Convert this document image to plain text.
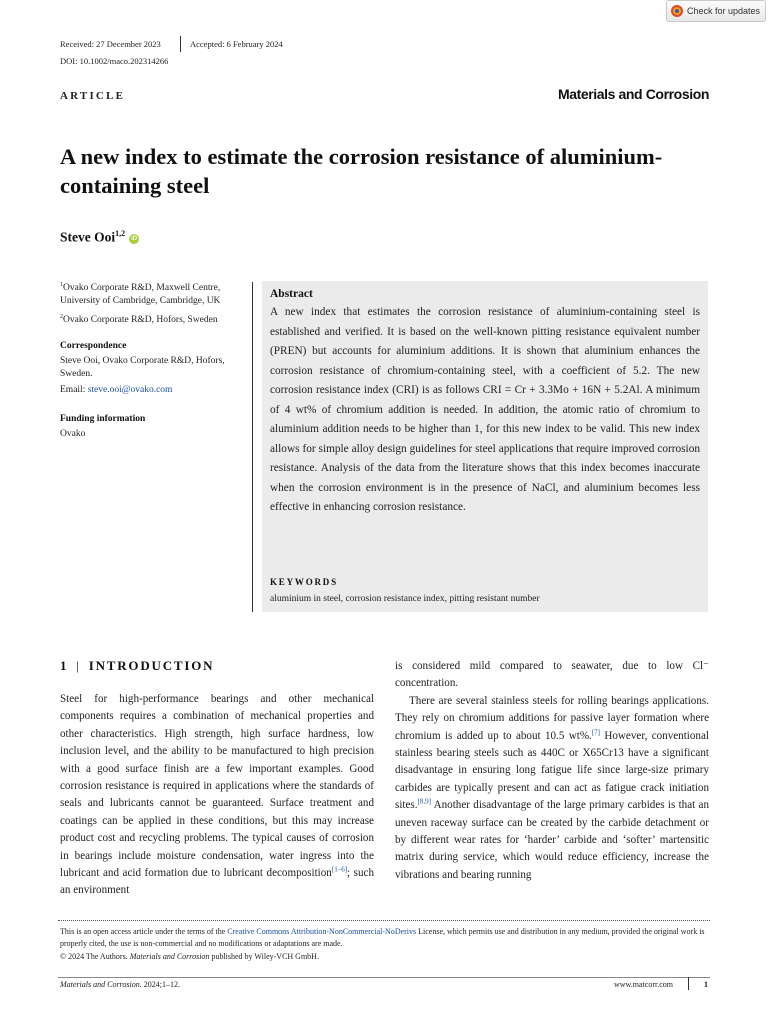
Check for updates
Received: 27 December 2023	Accepted: 6 February 2024
DOI: 10.1002/maco.202314266
ARTICLE	Materials and Corrosion
A new index to estimate the corrosion resistance of aluminium-containing steel
Steve Ooi$^{1,2}$iD
$^1$Ovako Corporate R&D, Maxwell Centre, University of Cambridge, Cambridge, UK
$^2$Ovako Corporate R&D, Hofors, Sweden
Correspondence
Steve Ooi, Ovako Corporate R&D, Hofors, Sweden.
Email: steve.ooi@ovako.com
Funding information
Ovako
Abstract
A new index that estimates the corrosion resistance of aluminium-containing steel is established and verified. It is based on the well-known pitting resistance equivalent number (PREN) but accounts for aluminium additions. It is shown that aluminium enhances the corrosion resistance of chromium-containing steel, with a coefficient of 5.2. The new corrosion resistance index (CRI) is as follows CRI = Cr + 3.3Mo + 16N + 5.2Al. A minimum of 4 wt% of chromium addition is needed. In addition, the atomic ratio of chromium to aluminium addition needs to be higher than 1, for this new index to be valid. This new index allows for simple alloy design guidelines for steel applications that require improved corrosion resistance. Analysis of the data from the literature shows that this index becomes inaccurate when the corrosion environment is in the presence of NaCl, and aluminium becomes less effective in enhancing corrosion resistance.
KEYWORDS
aluminium in steel, corrosion resistance index, pitting resistant number
1 | INTRODUCTION

Steel for high-performance bearings and other mechanical components requires a combination of mechanical properties and other characteristics. High strength, high surface hardness, low inclusion level, and the ability to be manufactured to high precision with a good surface finish are a few important examples. Good corrosion resistance is required in applications where the standards of seals and lubricants cannot be guaranteed. Surface treatment and coatings can be applied in these conditions, but this may increase product cost and recycling problems. The typical causes of corrosion in bearings include moisture condensation, water ingress into the lubricant and acid formation due to lubricant decomposition[1–6]; such an environment

is considered mild compared to seawater, due to low Cl⁻ concentration.

There are several stainless steels for rolling bearings applications. They rely on chromium additions for passive layer formation where chromium is added up to about 10.5 wt%.[7] However, conventional stainless bearing steels such as 440C or X65Cr13 have a significant disadvantage in ensuring long fatigue life since large-size primary carbides are typically present and can act as fatigue crack initiation sites.[8,9] Another disadvantage of the large primary carbides is that an uneven raceway surface can be created by the carbide detachment or by different wear rates for ‘harder’ carbide and ‘softer’ martensitic matrix during service, which would reduce efficiency, increase the vibrations and bearing running

This is an open access article under the terms of the Creative Commons Attribution-NonCommercial-NoDerivs License, which permits use and distribution in any medium, provided the original work is properly cited, the use is non-commercial and no modifications or adaptations are made.
© 2024 The Authors. Materials and Corrosion published by Wiley-VCH GmbH.
Materials and Corrosion. 2024;1–12.	www.matcorr.com	1
